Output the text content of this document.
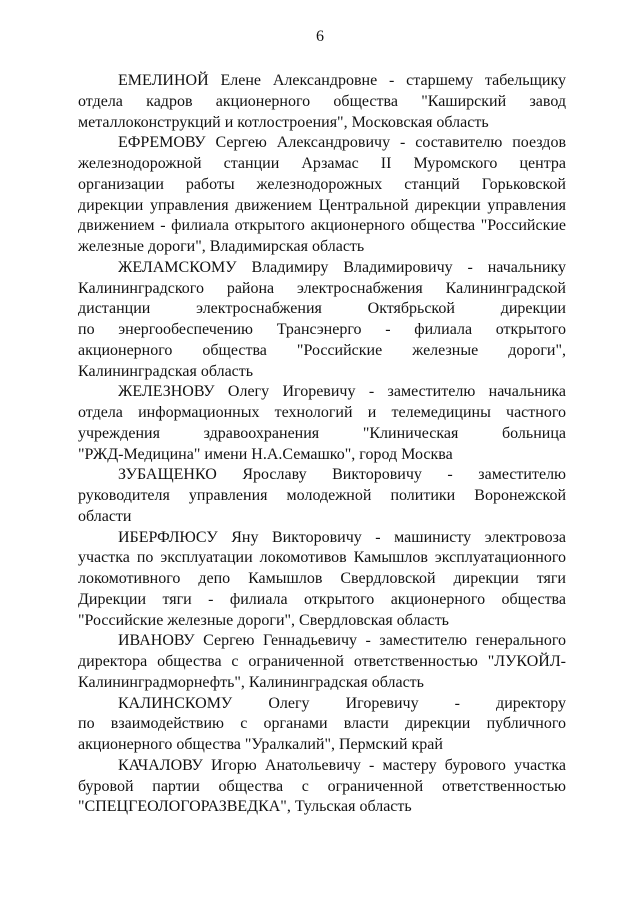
6

ЕМЕЛИНОЙ Елене Александровне - старшему табельщику
отдела кадров акционерного общества "Каширский завод
металлоконструкций и котлостроения", Московская область

ЕФРЕМОВУ Сергею Александровичу - составителю поездов
железнодорожной станции Арзамас II Муромского центра
организации работы железнодорожных станций Горьковской
дирекции управления движением Центральной дирекции управления
движением - филиала открытого акционерного общества "Российские
железные дороги", Владимирская область

ЖЕЛАМСКОМУ Владимиру Владимировичу - начальнику
Калининградского района электроснабжения Калининградской
дистанции электроснабжения Октябрьской дирекции
по энергообеспечению Трансэнерго - филиала открытого
акционерного общества "Российские железные дороги",
Калининградская область

ЖЕЛЕЗНОВУ Олегу Игоревичу - заместителю начальника
отдела информационных технологий и телемедицины частного
учреждения здравоохранения "Клиническая больница
"РЖД-Медицина" имени Н.А.Семашко", город Москва

ЗУБАЩЕНКО Ярославу Викторовичу - заместителю
руководителя управления молодежной политики Воронежской
области

ИБЕРФЛЮСУ Яну Викторовичу - машинисту электровоза
участка по эксплуатации локомотивов Камышлов эксплуатационного
локомотивного депо Камышлов Свердловской дирекции тяги
Дирекции тяги - филиала открытого акционерного общества
"Российские железные дороги", Свердловская область

ИВАНОВУ Сергею Геннадьевичу - заместителю генерального
директора общества с ограниченной ответственностью "ЛУКОЙЛ-
Калининградморнефть", Калининградская область

КАЛИНСКОМУ Олегу Игоревичу - директору
по взаимодействию с органами власти дирекции публичного
акционерного общества "Уралкалий", Пермский край

КАЧАЛОВУ Игорю Анатольевичу - мастеру бурового участка
буровой партии общества с ограниченной ответственностью
"СПЕЦГЕОЛОГОРАЗВЕДКА", Тульская область
